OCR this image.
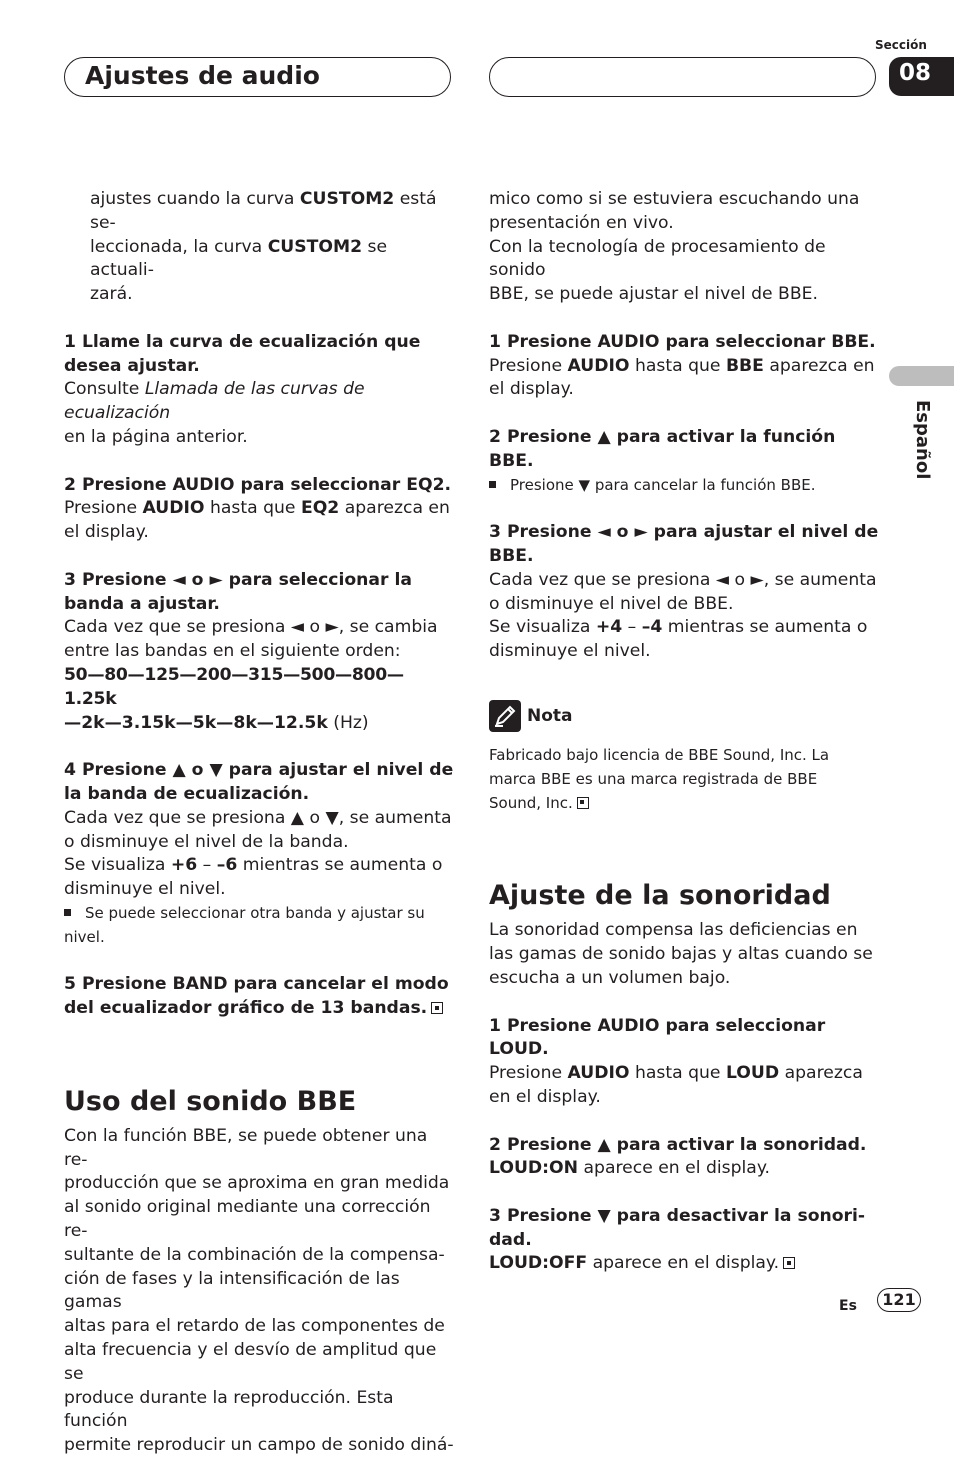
Ajustes de audio
Sección
08
Español

ajustes cuando la curva CUSTOM2 está se-

leccionada, la curva CUSTOM2 se actuali-

zará.

1 Llame la curva de ecualización que

desea ajustar.

Consulte Llamada de las curvas de ecualización

en la página anterior.

2 Presione AUDIO para seleccionar EQ2.

Presione AUDIO hasta que EQ2 aparezca en

el display.

3 Presione ◄ o ► para seleccionar la

banda a ajustar.

Cada vez que se presiona ◄ o ►, se cambia

entre las bandas en el siguiente orden:

50—80—125—200—315—500—800—1.25k

—2k—3.15k—5k—8k—12.5k (Hz)

4 Presione ▲ o ▼ para ajustar el nivel de

la banda de ecualización.

Cada vez que se presiona ▲ o ▼, se aumenta

o disminuye el nivel de la banda.

Se visualiza +6 – –6 mientras se aumenta o

disminuye el nivel.

Se puede seleccionar otra banda y ajustar su

nivel.

5 Presione BAND para cancelar el modo

del ecualizador gráfico de 13 bandas.

Uso del sonido BBE

Con la función BBE, se puede obtener una re-

producción que se aproxima en gran medida

al sonido original mediante una corrección re-

sultante de la combinación de la compensa-

ción de fases y la intensificación de las gamas

altas para el retardo de las componentes de

alta frecuencia y el desvío de amplitud que se

produce durante la reproducción. Esta función

permite reproducir un campo de sonido diná-

mico como si se estuviera escuchando una

presentación en vivo.

Con la tecnología de procesamiento de sonido

BBE, se puede ajustar el nivel de BBE.

1 Presione AUDIO para seleccionar BBE.

Presione AUDIO hasta que BBE aparezca en

el display.

2 Presione ▲ para activar la función BBE.

Presione ▼ para cancelar la función BBE.

3 Presione ◄ o ► para ajustar el nivel de

BBE.

Cada vez que se presiona ◄ o ►, se aumenta

o disminuye el nivel de BBE.

Se visualiza +4 – –4 mientras se aumenta o

disminuye el nivel.

Nota

Fabricado bajo licencia de BBE Sound, Inc. La

marca BBE es una marca registrada de BBE

Sound, Inc.

Ajuste de la sonoridad

La sonoridad compensa las deficiencias en

las gamas de sonido bajas y altas cuando se

escucha a un volumen bajo.

1 Presione AUDIO para seleccionar LOUD.

Presione AUDIO hasta que LOUD aparezca

en el display.

2 Presione ▲ para activar la sonoridad.

LOUD:ON aparece en el display.

3 Presione ▼ para desactivar la sonori-

dad.

LOUD:OFF aparece en el display.

Es	121
